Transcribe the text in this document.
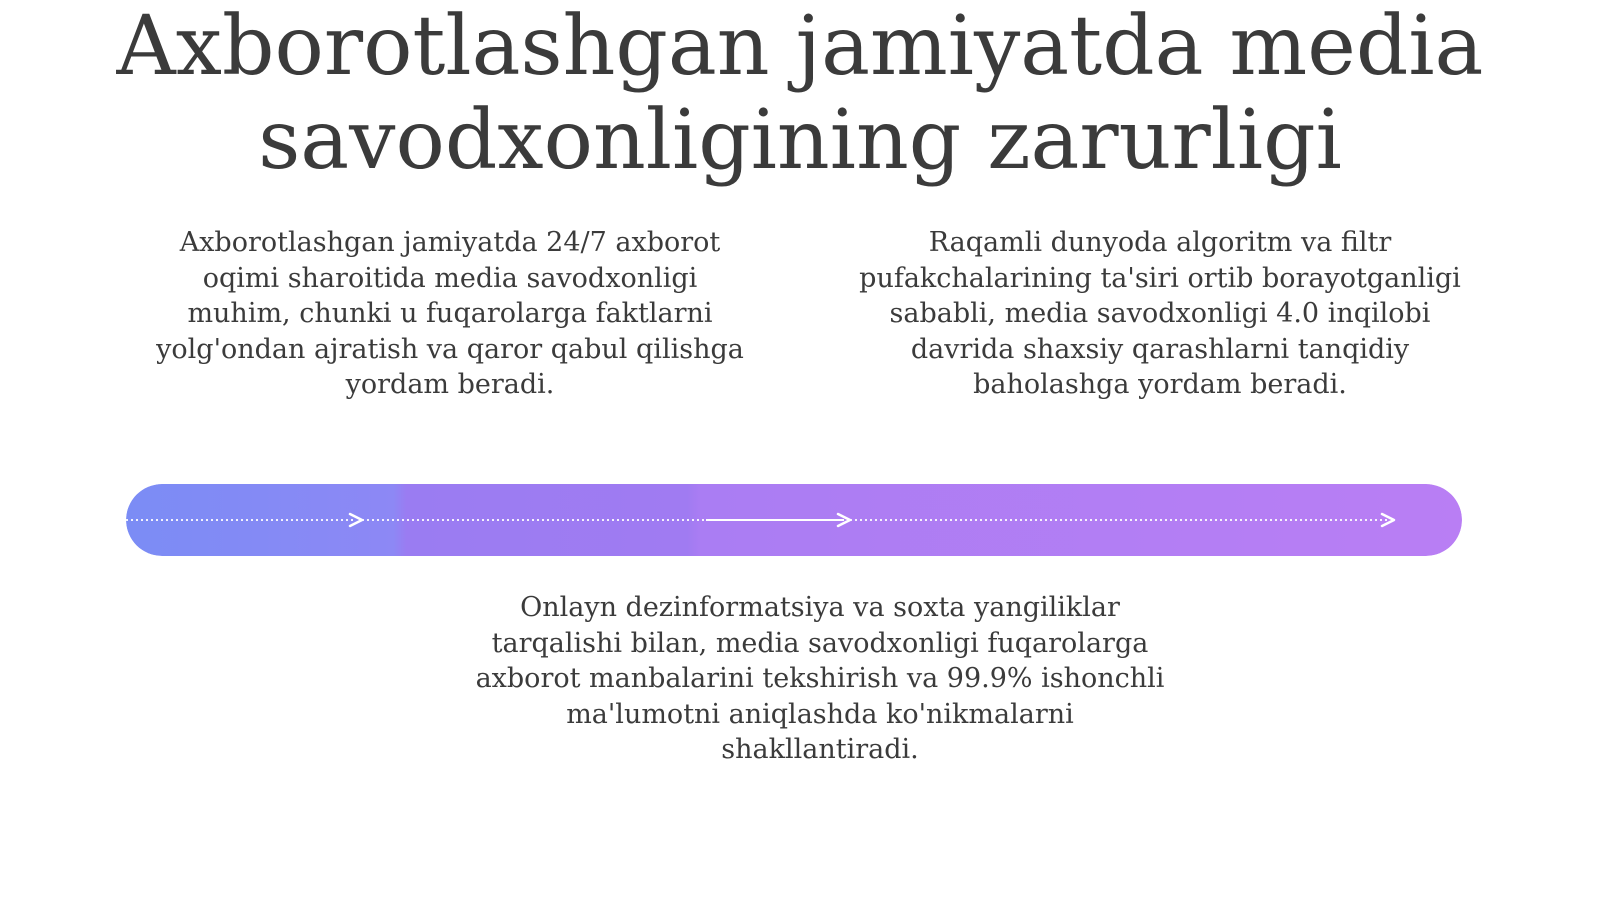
Axborotlashgan jamiyatda media savodxonligining zarurligi

Axborotlashgan jamiyatda 24/7 axborot oqimi sharoitida media savodxonligi muhim, chunki u fuqarolarga faktlarni yolg'ondan ajratish va qaror qabul qilishga yordam beradi.

Raqamli dunyoda algoritm va filtr pufakchalarining ta'siri ortib borayotganligi sababli, media savodxonligi 4.0 inqilobi davrida shaxsiy qarashlarni tanqidiy baholashga yordam beradi.

Onlayn dezinformatsiya va soxta yangiliklar tarqalishi bilan, media savodxonligi fuqarolarga axborot manbalarini tekshirish va 99.9% ishonchli ma'lumotni aniqlashda ko'nikmalarni shakllantiradi.
